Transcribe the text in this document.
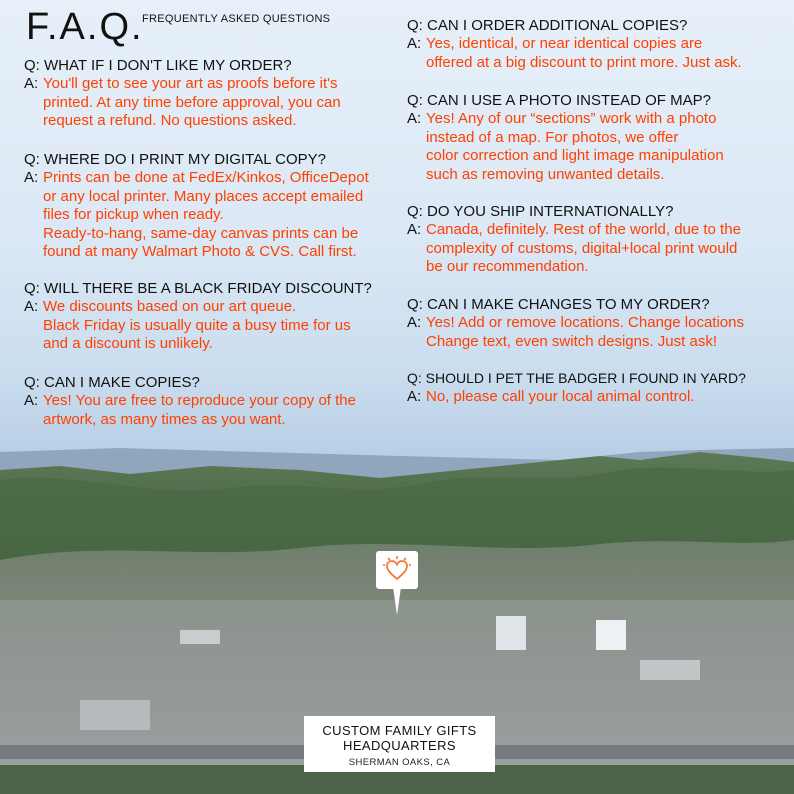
F.A.Q.
FREQUENTLY ASKED QUESTIONS
Q: WHAT IF I DON'T LIKE MY ORDER?
A: You'll get to see your art as proofs before it's
printed. At any time before approval, you can
request a refund. No questions asked.
Q: WHERE DO I PRINT MY DIGITAL COPY?
A: Prints can be done at FedEx/Kinkos, OfficeDepot
or any local printer. Many places accept emailed
files for pickup when ready.
Ready-to-hang, same-day canvas prints can be
found at many Walmart Photo & CVS. Call first.
Q: WILL THERE BE A BLACK FRIDAY DISCOUNT?
A: We discounts based on our art queue.
Black Friday is usually quite a busy time for us
and a discount is unlikely.
Q: CAN I MAKE COPIES?
A: Yes! You are free to reproduce your copy of the
artwork, as many times as you want.
Q: CAN I ORDER ADDITIONAL COPIES?
A: Yes, identical, or near identical copies are
offered at a big discount to print more. Just ask.
Q: CAN I USE A PHOTO INSTEAD OF MAP?
A: Yes! Any of our “sections” work with a photo
instead of a map. For photos, we offer
color correction and light image manipulation
such as removing unwanted details.
Q: DO YOU SHIP INTERNATIONALLY?
A: Canada, definitely. Rest of the world, due to the
complexity of customs, digital+local print would
be our recommendation.
Q: CAN I MAKE CHANGES TO MY ORDER?
A: Yes! Add or remove locations. Change locations
Change text, even switch designs. Just ask!
Q: SHOULD I PET THE BADGER I FOUND IN YARD?
A: No, please call your local animal control.
CUSTOM FAMILY GIFTS
HEADQUARTERS
SHERMAN OAKS, CA
